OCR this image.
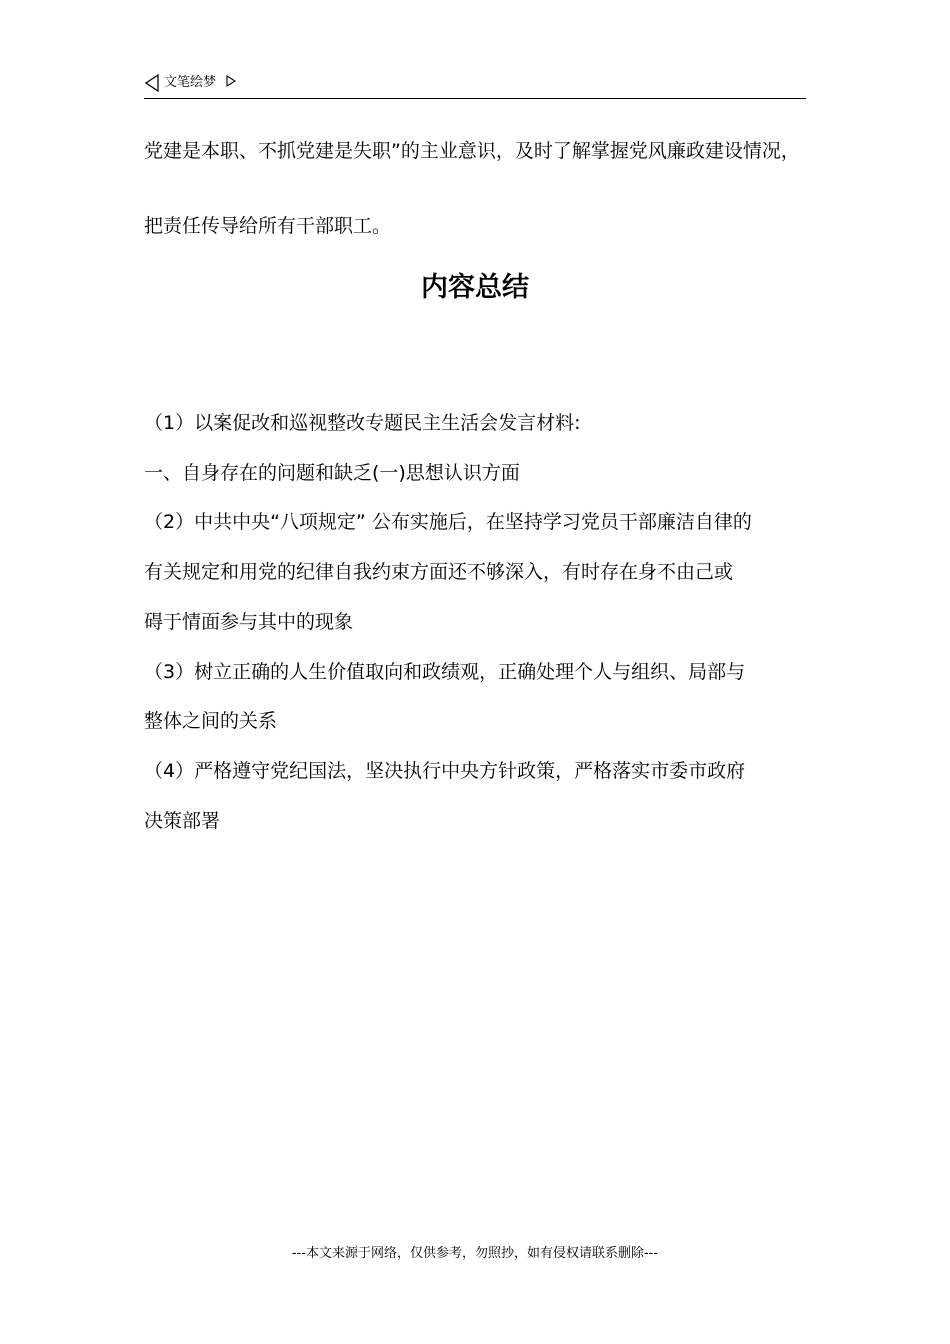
文笔绘梦
党建是本职、不抓党建是失职”的主业意识，及时了解掌握党风廉政建设情况，
把责任传导给所有干部职工。
内容总结
（1）以案促改和巡视整改专题民主生活会发言材料:
一、自身存在的问题和缺乏(一)思想认识方面
（2）中共中央“八项规定” 公布实施后，在坚持学习党员干部廉洁自律的
有关规定和用党的纪律自我约束方面还不够深入，有时存在身不由己或
碍于情面参与其中的现象
（3）树立正确的人生价值取向和政绩观，正确处理个人与组织、局部与
整体之间的关系
（4）严格遵守党纪国法，坚决执行中央方针政策，严格落实市委市政府
决策部署
---本文来源于网络，仅供参考，勿照抄，如有侵权请联系删除---
